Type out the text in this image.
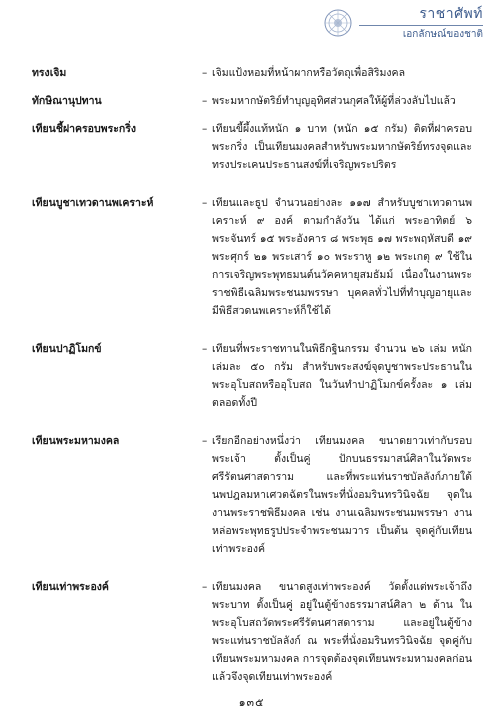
ราชาศัพท์
เอกลักษณ์ของชาติ
ทรงเจิม	– เจิมแป้งหอมที่หน้าผากหรือวัตถุเพื่อสิริมงคล
ทักษิณานุปทาน	– พระมหากษัตริย์ทำบุญอุทิศส่วนกุศลให้ผู้ที่ล่วงลับไปแล้ว
เทียนชี้ฝาครอบพระกริ่ง	– เทียนขี้ผึ้งแท้หนัก ๑ บาท (หนัก ๑๕ กรัม) ติดที่ฝาครอบพระกริ่ง เป็นเทียนมงคลสำหรับพระมหากษัตริย์ทรงจุดและทรงประเคนประธานสงฆ์ที่เจริญพระปริตร
เทียนบูชาเทวดานพเคราะห์	– เทียนและธูป จำนวนอย่างละ ๑๑๗ สำหรับบูชาเทวดานพเคราะห์ ๙ องค์ ตามกำลังวัน ได้แก่ พระอาทิตย์ ๖ พระจันทร์ ๑๕ พระอังคาร ๘ พระพุธ ๑๗ พระพฤหัสบดี ๑๙ พระศุกร์ ๒๑ พระเสาร์ ๑๐ พระราหู ๑๒ พระเกตุ ๙ ใช้ในการเจริญพระพุทธมนต์นวัคคหายุสมธัมม์ เนื่องในงานพระราชพิธีเฉลิมพระชนมพรรษา บุคคลทั่วไปที่ทำบุญอายุและมีพิธีสวดนพเคราะห์ก็ใช้ได้
เทียนปาฏิโมกข์	– เทียนที่พระราชทานในพิธีกฐินกรรม จำนวน ๒๖ เล่ม หนักเล่มละ ๕๐ กรัม สำหรับพระสงฆ์จุดบูชาพระประธานในพระอุโบสถหรืออุโบสถ ในวันทำปาฏิโมกข์ครั้งละ ๑ เล่ม ตลอดทั้งปี
เทียนพระมหามงคล	– เรียกอีกอย่างหนึ่งว่า เทียนมงคล ขนาดยาวเท่ากับรอบพระเจ้า ตั้งเป็นคู่ ปักบนธรรมาสน์ศิลาในวัดพระศรีรัตนศาสดาราม และที่พระแท่นราชบัลลังก์ภายใต้นพปฎลมหาเศวตฉัตรในพระที่นั่งอมรินทรวินิจฉัย จุดในงานพระราชพิธีมงคล เช่น งานเฉลิมพระชนมพรรษา งานหล่อพระพุทธรูปประจำพระชนมวาร เป็นต้น จุดคู่กับเทียนเท่าพระองค์
เทียนเท่าพระองค์	– เทียนมงคล ขนาดสูงเท่าพระองค์ วัดตั้งแต่พระเจ้าถึงพระบาท ตั้งเป็นคู่ อยู่ในตู้ข้างธรรมาสน์ศิลา ๒ ด้าน ในพระอุโบสถวัดพระศรีรัตนศาสดาราม และอยู่ในตู้ข้างพระแท่นราชบัลลังก์ ณ พระที่นั่งอมรินทรวินิจฉัย จุดคู่กับเทียนพระมหามงคล การจุดต้องจุดเทียนพระมหามงคลก่อน แล้วจึงจุดเทียนเท่าพระองค์
๑๓๕
